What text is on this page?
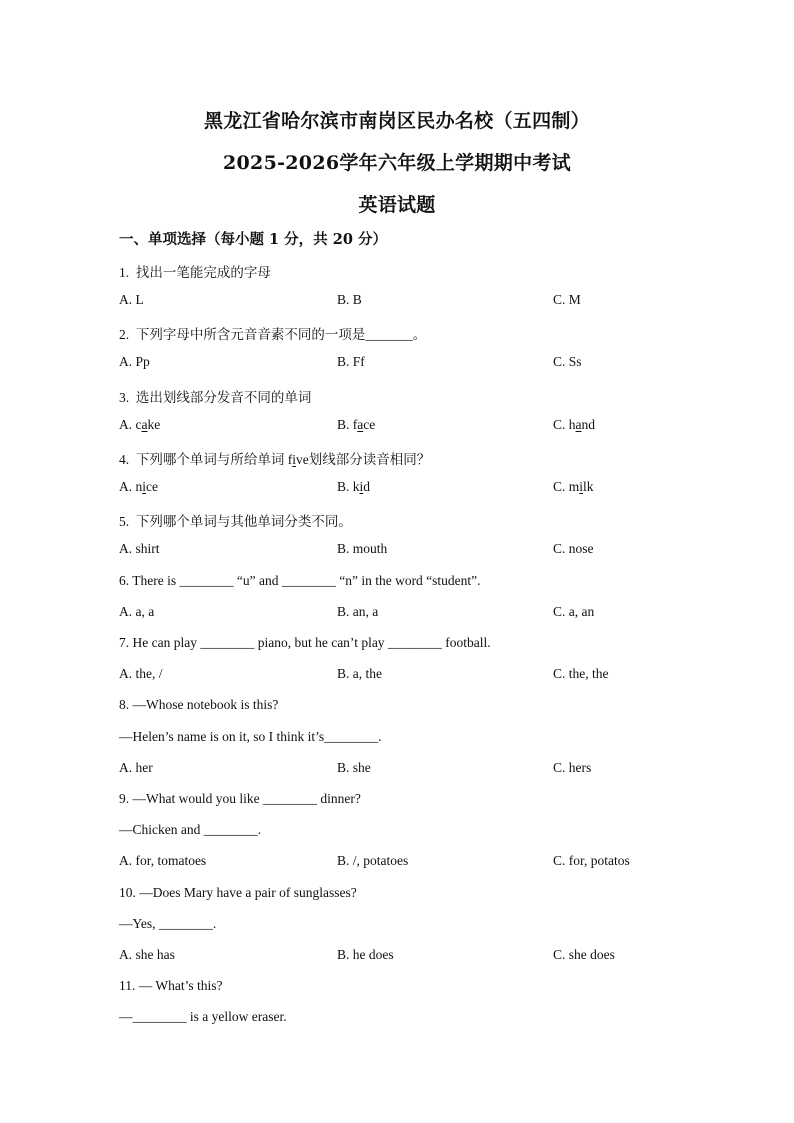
黑龙江省哈尔滨市南岗区民办名校（五四制）
2025-2026学年六年级上学期期中考试
英语试题
一、单项选择（每小题 1 分，共 20 分）
1.  找出一笔能完成的字母
A. L	B. B	C. M
2.  下列字母中所含元音音素不同的一项是_______。
A. Pp	B. Ff	C. Ss
3.  选出划线部分发音不同的单词
A. cake	B. face	C. hand
4.  下列哪个单词与所给单词 five划线部分读音相同？
A. nice	B. kid	C. milk
5.  下列哪个单词与其他单词分类不同。
A. shirt	B. mouth	C. nose
6. There is ________ “u” and ________ “n” in the word “student”.
A. a, a	B. an, a	C. a, an
7. He can play ________ piano, but he can’t play ________ football.
A. the, /	B. a, the	C. the, the
8. —Whose notebook is this?
—Helen’s name is on it, so I think it’s________.
A. her	B. she	C. hers
9. —What would you like ________ dinner?
—Chicken and ________.
A. for, tomatoes	B. /, potatoes	C. for, potatos
10. —Does Mary have a pair of sunglasses?
—Yes, ________.
A. she has	B. he does	C. she does
11. — What’s this?
—________ is a yellow eraser.
